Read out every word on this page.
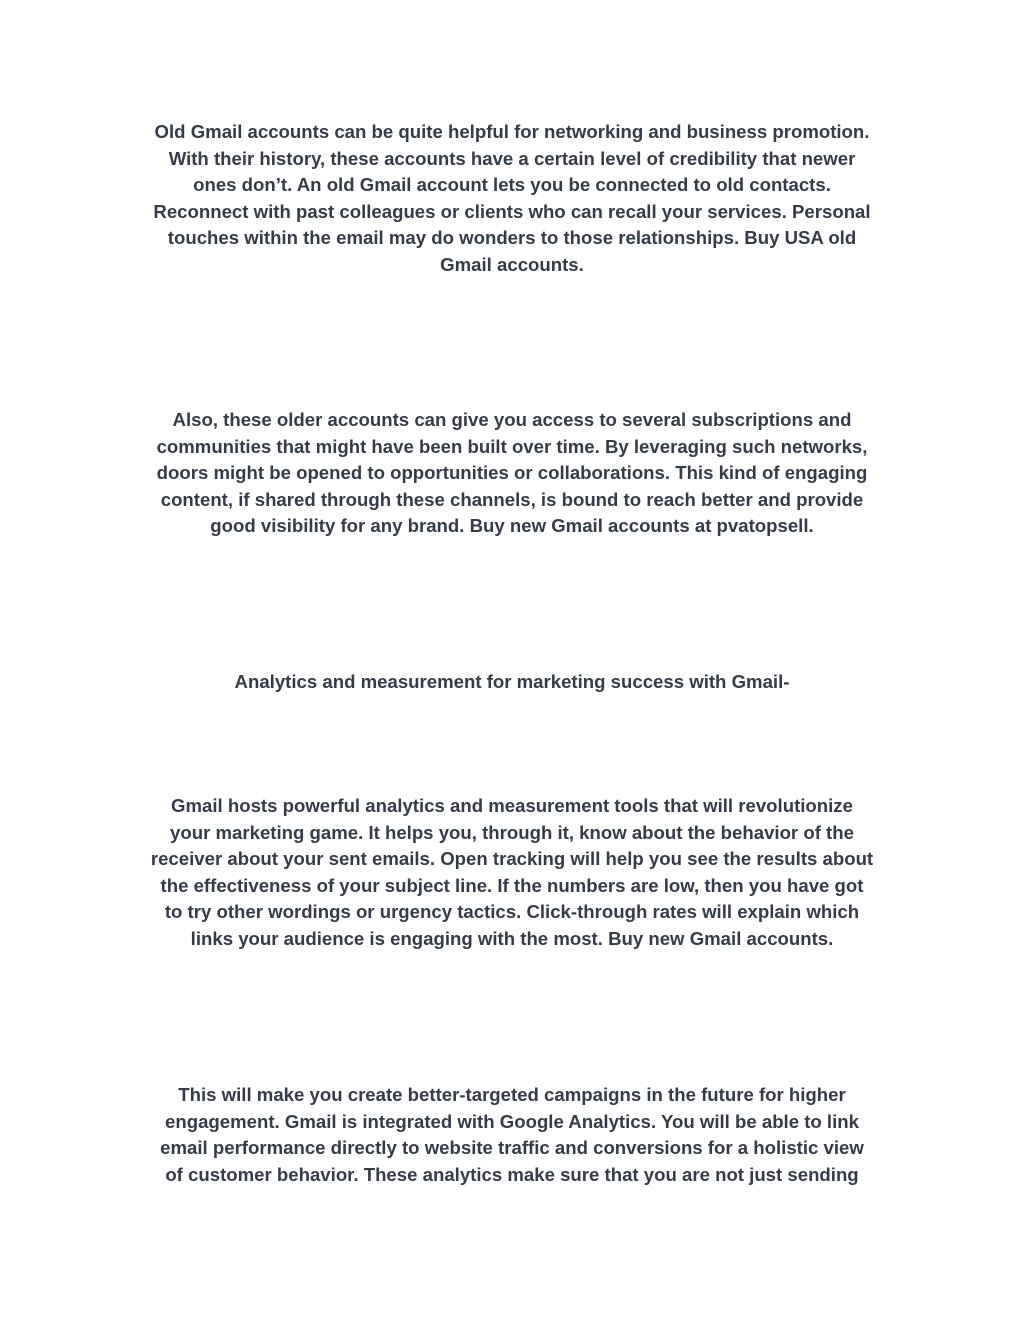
Old Gmail accounts can be quite helpful for networking and business promotion.
With their history, these accounts have a certain level of credibility that newer
ones don’t. An old Gmail account lets you be connected to old contacts.
Reconnect with past colleagues or clients who can recall your services. Personal
touches within the email may do wonders to those relationships. Buy USA old
Gmail accounts.

Also, these older accounts can give you access to several subscriptions and
communities that might have been built over time. By leveraging such networks,
doors might be opened to opportunities or collaborations. This kind of engaging
content, if shared through these channels, is bound to reach better and provide
good visibility for any brand. Buy new Gmail accounts at pvatopsell.

Analytics and measurement for marketing success with Gmail-

Gmail hosts powerful analytics and measurement tools that will revolutionize
your marketing game. It helps you, through it, know about the behavior of the
receiver about your sent emails. Open tracking will help you see the results about
the effectiveness of your subject line. If the numbers are low, then you have got
to try other wordings or urgency tactics. Click-through rates will explain which
links your audience is engaging with the most. Buy new Gmail accounts.

This will make you create better-targeted campaigns in the future for higher
engagement. Gmail is integrated with Google Analytics. You will be able to link
email performance directly to website traffic and conversions for a holistic view
of customer behavior. These analytics make sure that you are not just sending
